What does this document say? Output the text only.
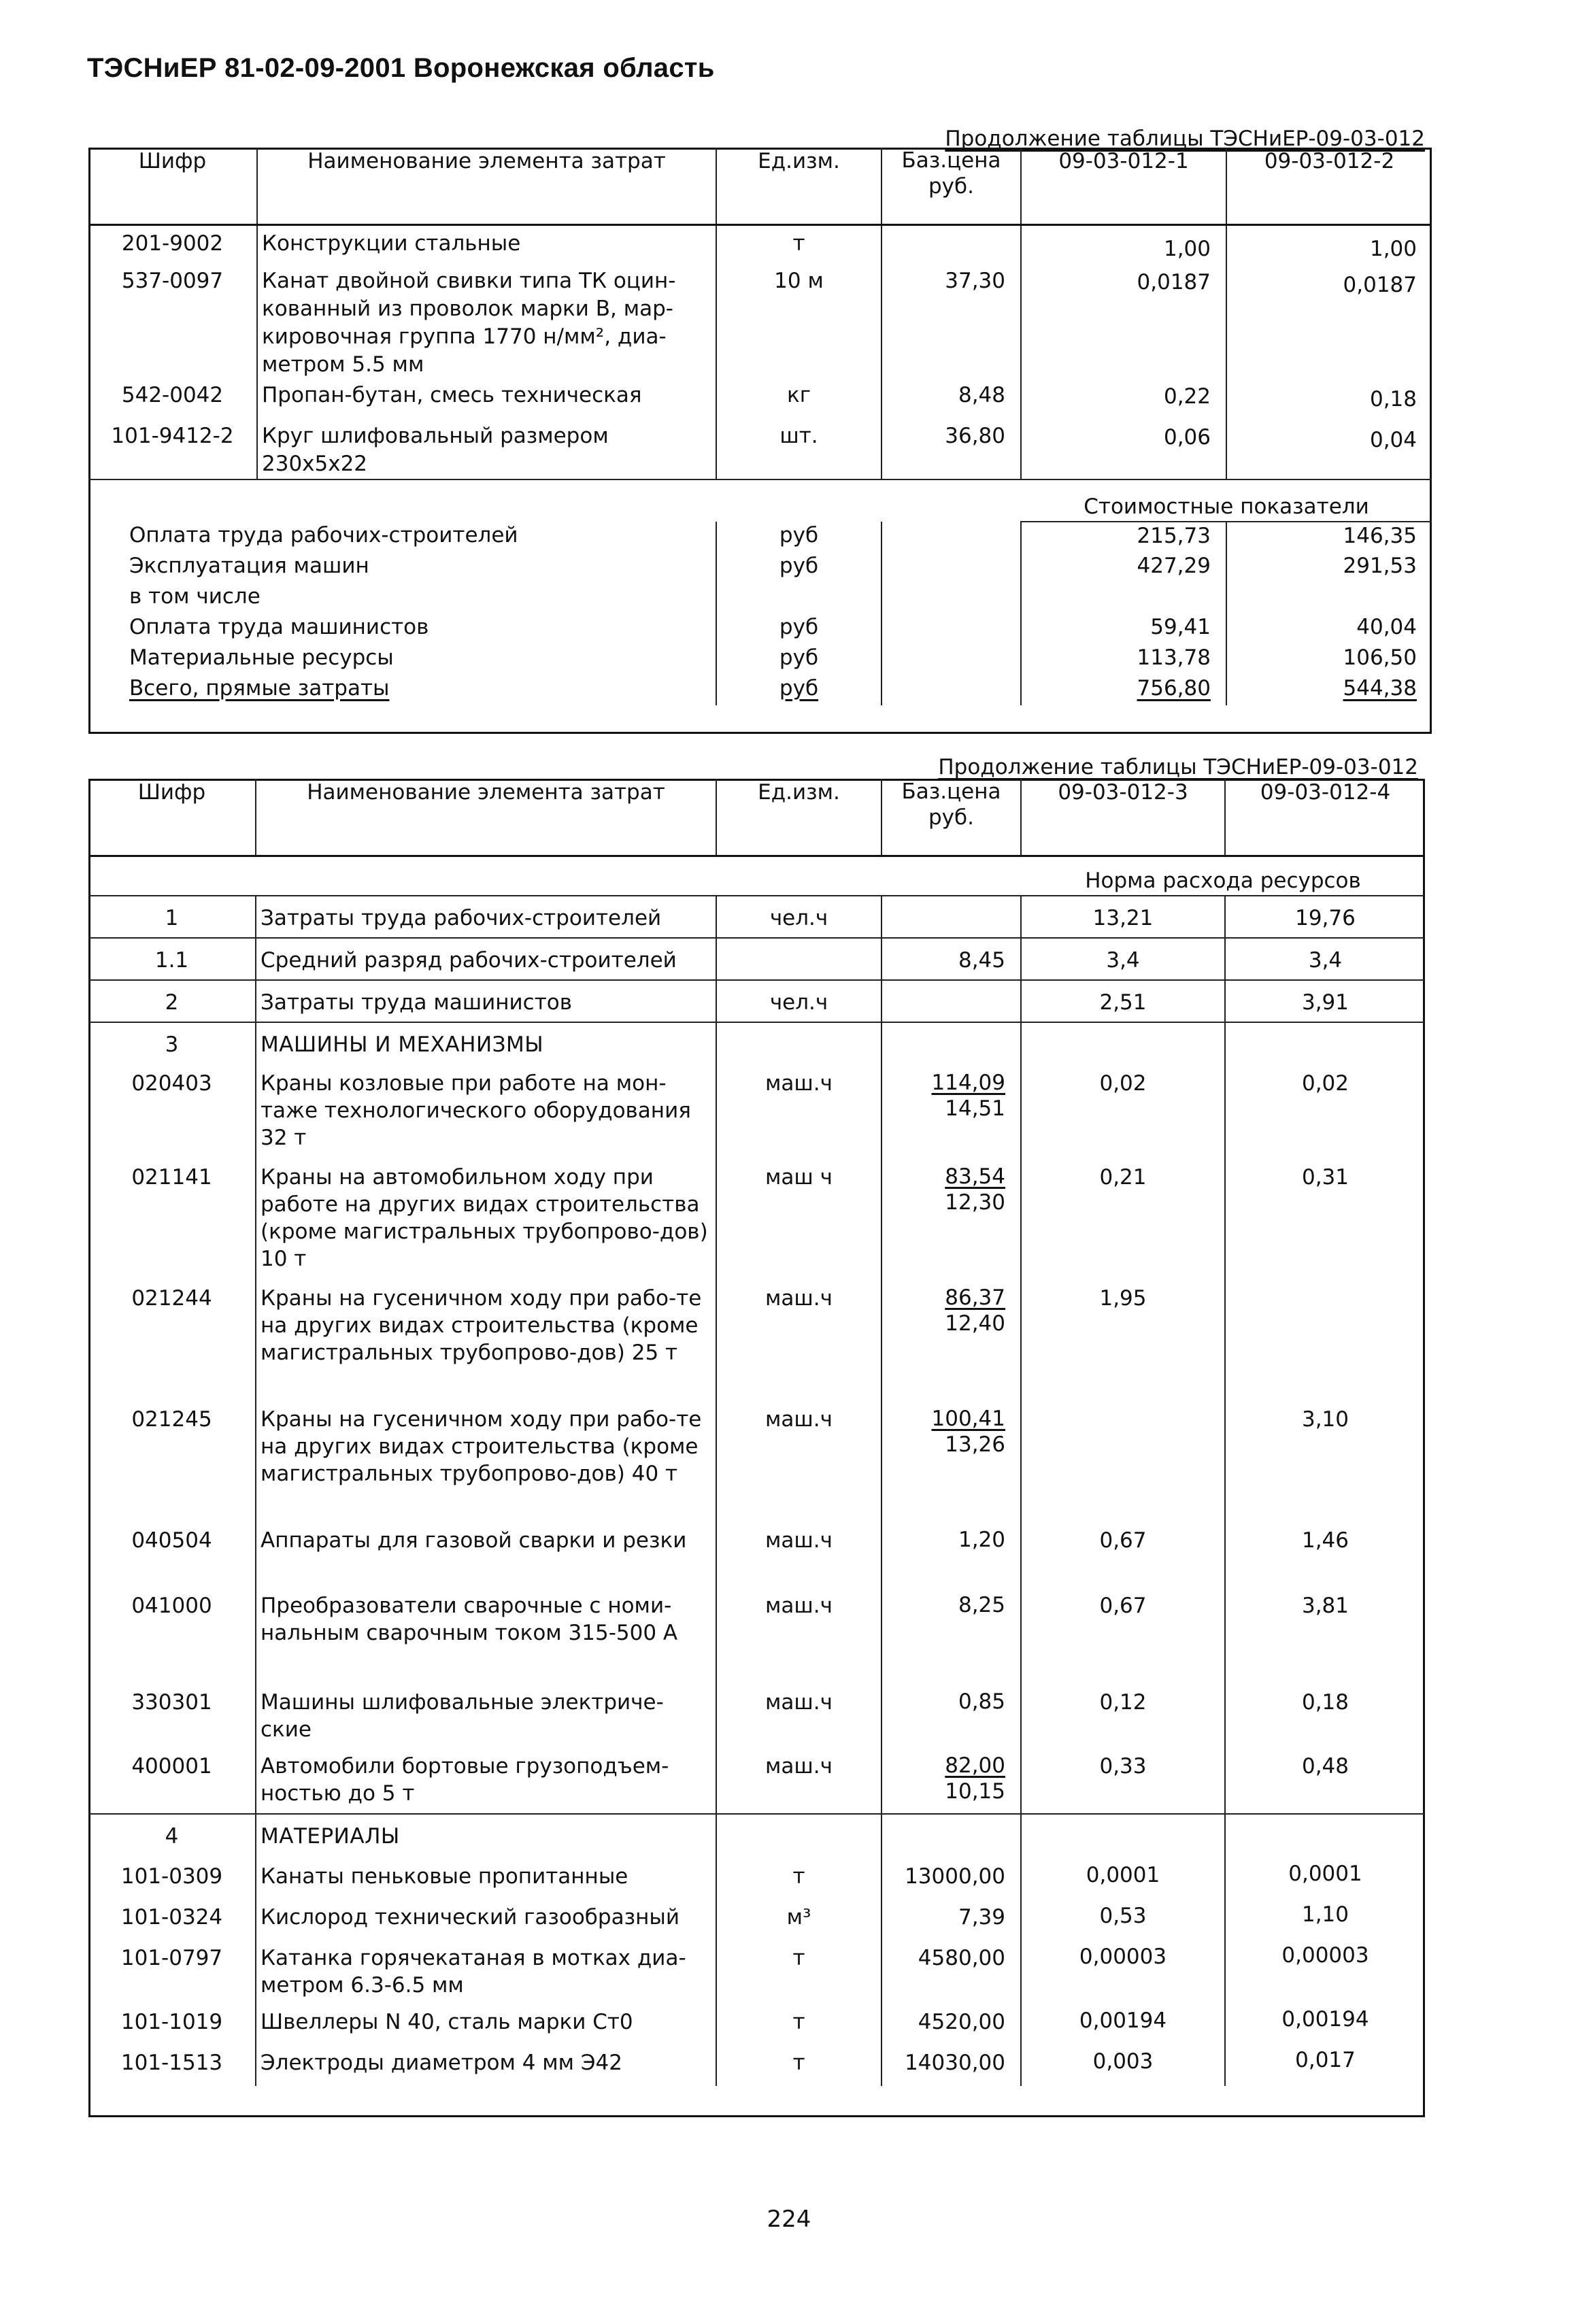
ТЭСНиЕР 81-02-09-2001 Воронежская область
Продолжение таблицы ТЭСНиЕР-09-03-012
Шифр	Наименование элемента затрат	Ед.изм.	Баз.цена руб.	09-03-012-1	09-03-012-2
201-9002	Конструкции стальные	т		1,00	1,00
537-0097	Канат двойной свивки типа ТК оцин-кованный из проволок марки В, мар-кировочная группа 1770 н/мм², диа-метром 5.5 мм	10 м	37,30	0,0187	0,0187
542-0042	Пропан-бутан, смесь техническая	кг	8,48	0,22	0,18
101-9412-2	Круг шлифовальный размером 230x5x22	шт.	36,80	0,06	0,04
				Стоимостные показатели	
Оплата труда рабочих-строителей		руб		215,73	146,35
Эксплуатация машин		руб		427,29	291,53
в том числе					
Оплата труда машинистов		руб		59,41	40,04
Материальные ресурсы		руб		113,78	106,50
Всего, прямые затраты		руб		756,80	544,38
Продолжение таблицы ТЭСНиЕР-09-03-012
Шифр	Наименование элемента затрат	Ед.изм.	Баз.цена руб.	09-03-012-3	09-03-012-4
				Норма расхода ресурсов	
1	Затраты труда рабочих-строителей	чел.ч		13,21	19,76
1.1	Средний разряд рабочих-строителей		8,45	3,4	3,4
2	Затраты труда машинистов	чел.ч		2,51	3,91
3	МАШИНЫ И МЕХАНИЗМЫ				
020403	Краны козловые при работе на мон-таже технологического оборудования 32 т	маш.ч	$\frac{114,09}{14,51}$	0,02	0,02
021141	Краны на автомобильном ходу при работе на других видах строительства (кроме магистральных трубопрово-дов) 10 т	маш ч	$\frac{83,54}{12,30}$	0,21	0,31
021244	Краны на гусеничном ходу при рабо-те на других видах строительства (кроме магистральных трубопрово-дов) 25 т	маш.ч	$\frac{86,37}{12,40}$	1,95	
021245	Краны на гусеничном ходу при рабо-те на других видах строительства (кроме магистральных трубопрово-дов) 40 т	маш.ч	$\frac{100,41}{13,26}$		3,10
040504	Аппараты для газовой сварки и резки	маш.ч	1,20	0,67	1,46
041000	Преобразователи сварочные с номи-нальным сварочным током 315-500 А	маш.ч	8,25	0,67	3,81
330301	Машины шлифовальные электриче-ские	маш.ч	0,85	0,12	0,18
400001	Автомобили бортовые грузоподъем-ностью до 5 т	маш.ч	$\frac{82,00}{10,15}$	0,33	0,48
4	МАТЕРИАЛЫ				
101-0309	Канаты пеньковые пропитанные	т	13000,00	0,0001	0,0001
101-0324	Кислород технический газообразный	м³	7,39	0,53	1,10
101-0797	Катанка горячекатаная в мотках диа-метром 6.3-6.5 мм	т	4580,00	0,00003	0,00003
101-1019	Швеллеры N 40, сталь марки Ст0	т	4520,00	0,00194	0,00194
101-1513	Электроды диаметром 4 мм Э42	т	14030,00	0,003	0,017
224
